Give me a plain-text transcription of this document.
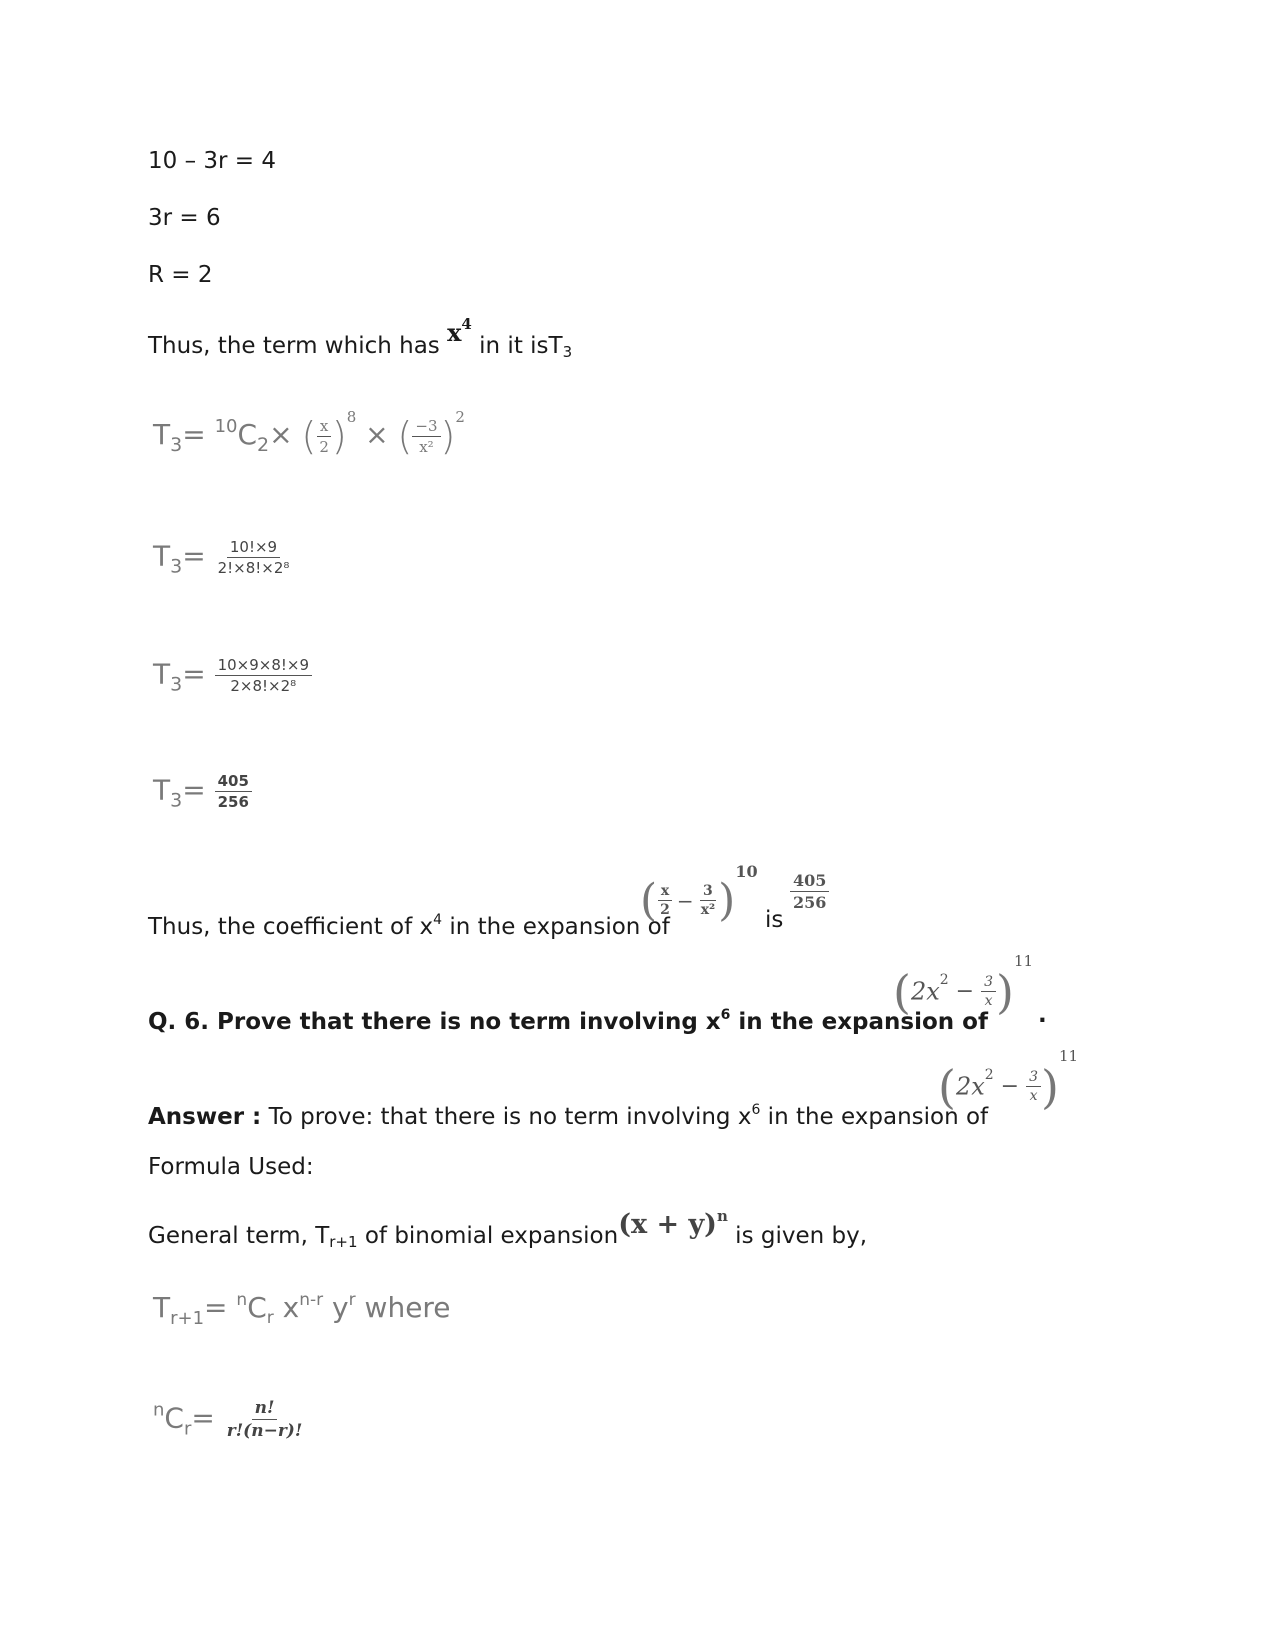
10 – 3r = 4
3r = 6
R = 2
Thus, the term which has $x^4$ in it isT$_3$
$T_3= ^{10}C_2\times$ ( $\frac{x}{2} )^8$ × ( $\frac{-3}{\text{x²}} )^2$
$T_3= \frac{10!\times 9}{\text{2!×8!×2⁸}}$
$T_3= \frac{10\times 9\times 8!\times 9}{\text{2×8!×2⁸}}$
$T_3= \frac{405}{256}$
Thus, the coefficient of $x^4$ in the expansion of
( $\frac{x}{2} - \frac{3}{\text{x²}} )10$
is
$\frac{405}{256}$
Q. 6. Prove that there is no term involving $x^6$ in the expansion of
$(2x2 - \frac{3}{x} )11$
.
Answer : To prove: that there is no term involving $x^6$ in the expansion of
$(2x2 - \frac{3}{x} )11$
Formula Used:
General term, $T_{r+1}$ of binomial expansion(x + y)$^n$ is given by,
$T_{r+1}= ^nC_r$ $x^{n-r}$ $y^r$ where
$^nC_r= \frac{n!}{r!(n-r)!}$
